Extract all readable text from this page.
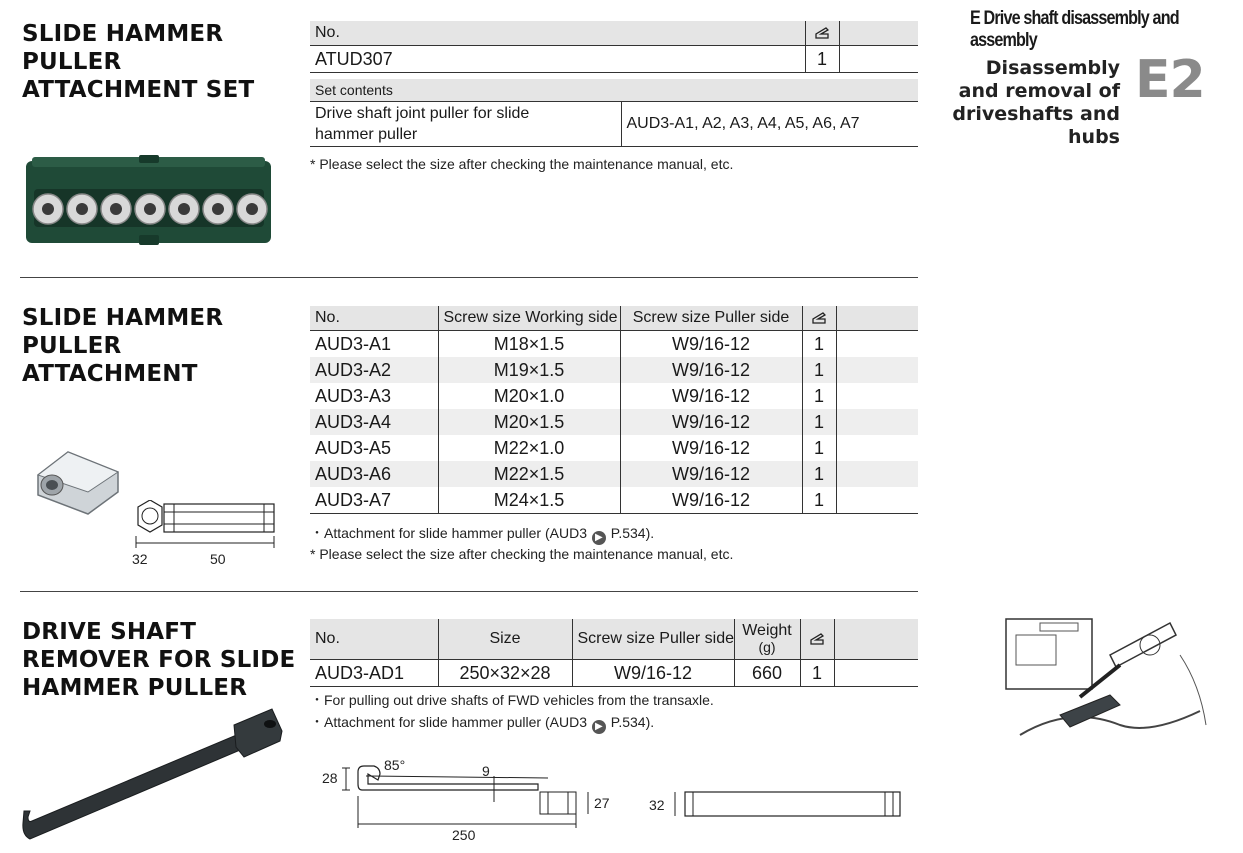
E Drive shaft disassembly and assembly
Disassembly
and removal of
driveshafts and
hubs
E2
SLIDE HAMMER
PULLER
ATTACHMENT SET
No.			
ATUD307		1	

Set contents			

Drive shaft joint puller for slide
hammer puller	AUD3-A1, A2, A3, A4, A5, A6, A7		
* Please select the size after checking the maintenance manual, etc.
SLIDE HAMMER
PULLER
ATTACHMENT
32	50
No.	Screw size Working side	Screw size Puller side		
AUD3-A1	M18×1.5	W9/16-12	1	
AUD3-A2	M19×1.5	W9/16-12	1	
AUD3-A3	M20×1.0	W9/16-12	1	
AUD3-A4	M20×1.5	W9/16-12	1	
AUD3-A5	M22×1.0	W9/16-12	1	
AUD3-A6	M22×1.5	W9/16-12	1	
AUD3-A7	M24×1.5	W9/16-12	1	
・Attachment for slide hammer puller (AUD3 ▶ P.534).
* Please select the size after checking the maintenance manual, etc.
DRIVE SHAFT
REMOVER FOR SLIDE
HAMMER PULLER
No.	Size	Screw size Puller side	Weight
(g)

AUD3-AD1	250×32×28	W9/16-12	660	1	
・For pulling out drive shafts of FWD vehicles from the transaxle.
・Attachment for slide hammer puller (AUD3 ▶ P.534).
28
85°	9
27
250
32
